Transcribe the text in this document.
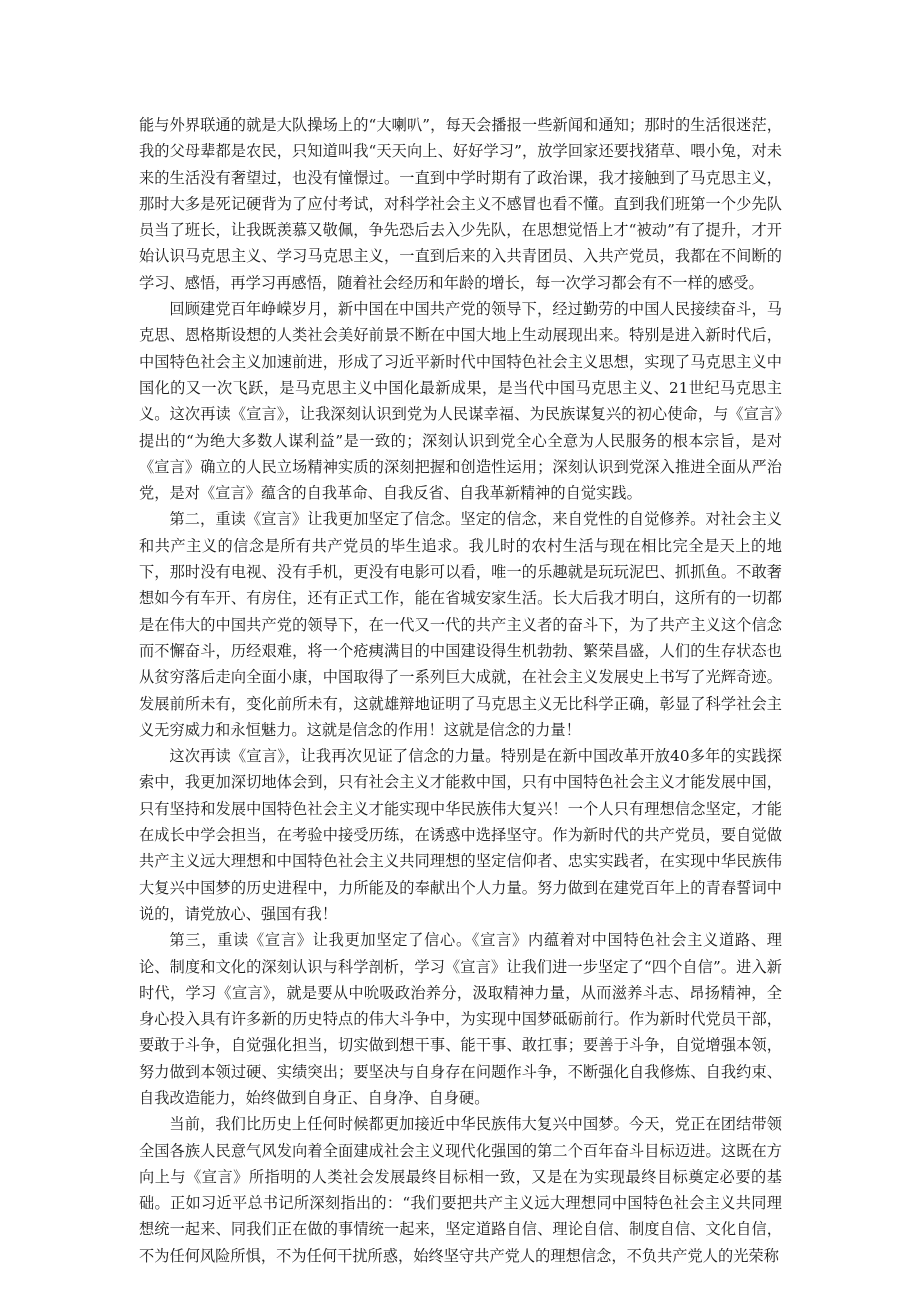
能与外界联通的就是大队操场上的“大喇叭”，每天会播报一些新闻和通知；那时的生活很迷茫，我的父母辈都是农民，只知道叫我“天天向上、好好学习”，放学回家还要找猪草、喂小兔，对未来的生活没有奢望过，也没有憧憬过。一直到中学时期有了政治课，我才接触到了马克思主义，那时大多是死记硬背为了应付考试，对科学社会主义不感冒也看不懂。直到我们班第一个少先队员当了班长，让我既羡慕又敬佩，争先恐后去入少先队，在思想觉悟上才“被动”有了提升，才开始认识马克思主义、学习马克思主义，一直到后来的入共青团员、入共产党员，我都在不间断的学习、感悟，再学习再感悟，随着社会经历和年龄的增长，每一次学习都会有不一样的感受。

回顾建党百年峥嵘岁月，新中国在中国共产党的领导下，经过勤劳的中国人民接续奋斗，马克思、恩格斯设想的人类社会美好前景不断在中国大地上生动展现出来。特别是进入新时代后，中国特色社会主义加速前进，形成了习近平新时代中国特色社会主义思想，实现了马克思主义中国化的又一次飞跃，是马克思主义中国化最新成果，是当代中国马克思主义、21世纪马克思主义。这次再读《宣言》，让我深刻认识到党为人民谋幸福、为民族谋复兴的初心使命，与《宣言》提出的“为绝大多数人谋利益”是一致的；深刻认识到党全心全意为人民服务的根本宗旨，是对《宣言》确立的人民立场精神实质的深刻把握和创造性运用；深刻认识到党深入推进全面从严治党，是对《宣言》蕴含的自我革命、自我反省、自我革新精神的自觉实践。

第二，重读《宣言》让我更加坚定了信念。坚定的信念，来自党性的自觉修养。对社会主义和共产主义的信念是所有共产党员的毕生追求。我儿时的农村生活与现在相比完全是天上的地下，那时没有电视、没有手机，更没有电影可以看，唯一的乐趣就是玩玩泥巴、抓抓鱼。不敢奢想如今有车开、有房住，还有正式工作，能在省城安家生活。长大后我才明白，这所有的一切都是在伟大的中国共产党的领导下，在一代又一代的共产主义者的奋斗下，为了共产主义这个信念而不懈奋斗，历经艰难，将一个疮痍满目的中国建设得生机勃勃、繁荣昌盛，人们的生存状态也从贫穷落后走向全面小康，中国取得了一系列巨大成就，在社会主义发展史上书写了光辉奇迹。发展前所未有，变化前所未有，这就雄辩地证明了马克思主义无比科学正确，彰显了科学社会主义无穷威力和永恒魅力。这就是信念的作用！这就是信念的力量！

这次再读《宣言》，让我再次见证了信念的力量。特别是在新中国改革开放40多年的实践探索中，我更加深切地体会到，只有社会主义才能救中国，只有中国特色社会主义才能发展中国，只有坚持和发展中国特色社会主义才能实现中华民族伟大复兴！一个人只有理想信念坚定，才能在成长中学会担当，在考验中接受历练，在诱惑中选择坚守。作为新时代的共产党员，要自觉做共产主义远大理想和中国特色社会主义共同理想的坚定信仰者、忠实实践者，在实现中华民族伟大复兴中国梦的历史进程中，力所能及的奉献出个人力量。努力做到在建党百年上的青春誓词中说的，请党放心、强国有我！

第三，重读《宣言》让我更加坚定了信心。《宣言》内蕴着对中国特色社会主义道路、理论、制度和文化的深刻认识与科学剖析，学习《宣言》让我们进一步坚定了“四个自信”。进入新时代，学习《宣言》，就是要从中吮吸政治养分，汲取精神力量，从而滋养斗志、昂扬精神，全身心投入具有许多新的历史特点的伟大斗争中，为实现中国梦砥砺前行。作为新时代党员干部，要敢于斗争，自觉强化担当，切实做到想干事、能干事、敢扛事；要善于斗争，自觉增强本领，努力做到本领过硬、实绩突出；要坚决与自身存在问题作斗争，不断强化自我修炼、自我约束、自我改造能力，始终做到自身正、自身净、自身硬。

当前，我们比历史上任何时候都更加接近中华民族伟大复兴中国梦。今天，党正在团结带领全国各族人民意气风发向着全面建成社会主义现代化强国的第二个百年奋斗目标迈进。这既在方向上与《宣言》所指明的人类社会发展最终目标相一致，又是在为实现最终目标奠定必要的基础。正如习近平总书记所深刻指出的：“我们要把共产主义远大理想同中国特色社会主义共同理想统一起来、同我们正在做的事情统一起来，坚定道路自信、理论自信、制度自信、文化自信，不为任何风险所惧，不为任何干扰所惑，始终坚守共产党人的理想信念，不负共产党人的光荣称
